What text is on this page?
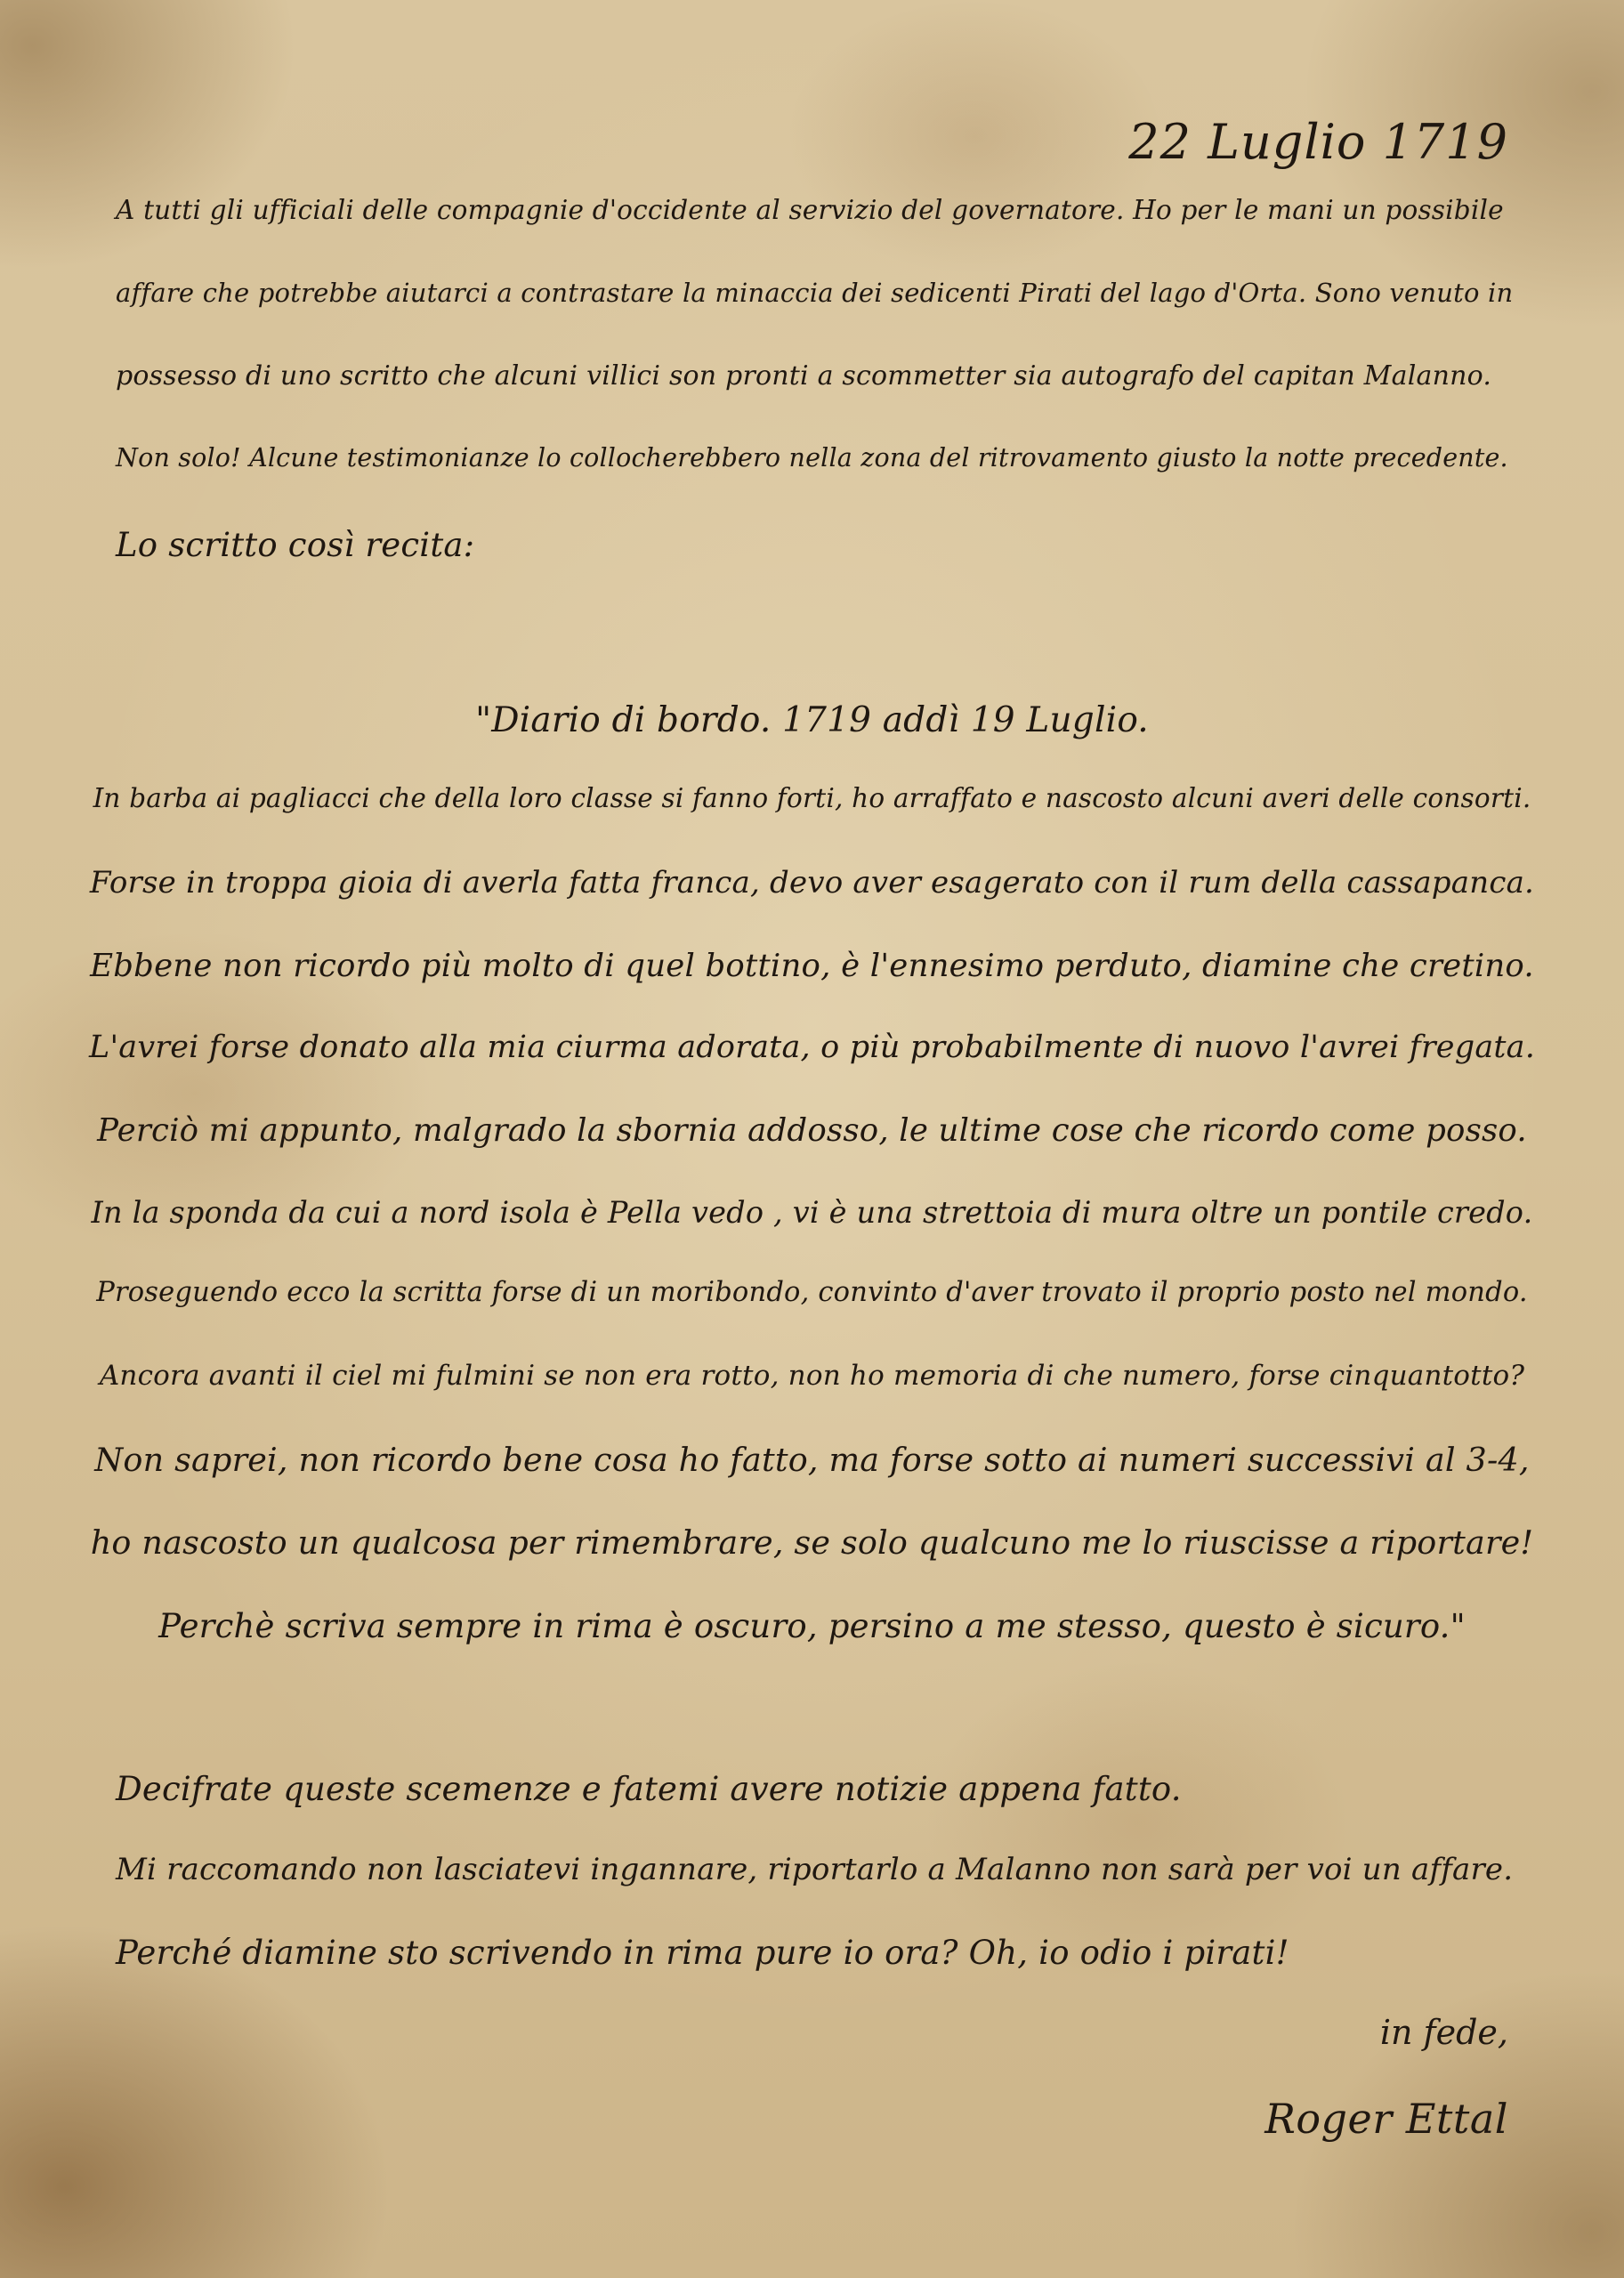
22 Luglio 1719

A tutti gli ufficiali delle compagnie d'occidente al servizio del governatore. Ho per le mani un possibile

affare che potrebbe aiutarci a contrastare la minaccia dei sedicenti Pirati del lago d'Orta. Sono venuto in

possesso di uno scritto che alcuni villici son pronti a scommetter sia autografo del capitan Malanno.

Non solo! Alcune testimonianze lo collocherebbero nella zona del ritrovamento giusto la notte precedente.

Lo scritto così recita:

"Diario di bordo. 1719 addì 19 Luglio.

In barba ai pagliacci che della loro classe si fanno forti, ho arraffato e nascosto alcuni averi delle consorti.

Forse in troppa gioia di averla fatta franca, devo aver esagerato con il rum della cassapanca.

Ebbene non ricordo più molto di quel bottino, è l'ennesimo perduto, diamine che cretino.

L'avrei forse donato alla mia ciurma adorata, o più probabilmente di nuovo l'avrei fregata.

Perciò mi appunto, malgrado la sbornia addosso, le ultime cose che ricordo come posso.

In la sponda da cui a nord isola è Pella vedo , vi è una strettoia di mura oltre un pontile credo.

Proseguendo ecco la scritta forse di un moribondo, convinto d'aver trovato il proprio posto nel mondo.

Ancora avanti il ciel mi fulmini se non era rotto, non ho memoria di che numero, forse cinquantotto?

Non saprei, non ricordo bene cosa ho fatto, ma forse sotto ai numeri successivi al 3-4,

ho nascosto un qualcosa per rimembrare, se solo qualcuno me lo riuscisse a riportare!

Perchè scriva sempre in rima è oscuro, persino a me stesso, questo è sicuro."

Decifrate queste scemenze e fatemi avere notizie appena fatto.

Mi raccomando non lasciatevi ingannare, riportarlo a Malanno non sarà per voi un affare.

Perché diamine sto scrivendo in rima pure io ora? Oh, io odio i pirati!

in fede,
Roger Ettal
